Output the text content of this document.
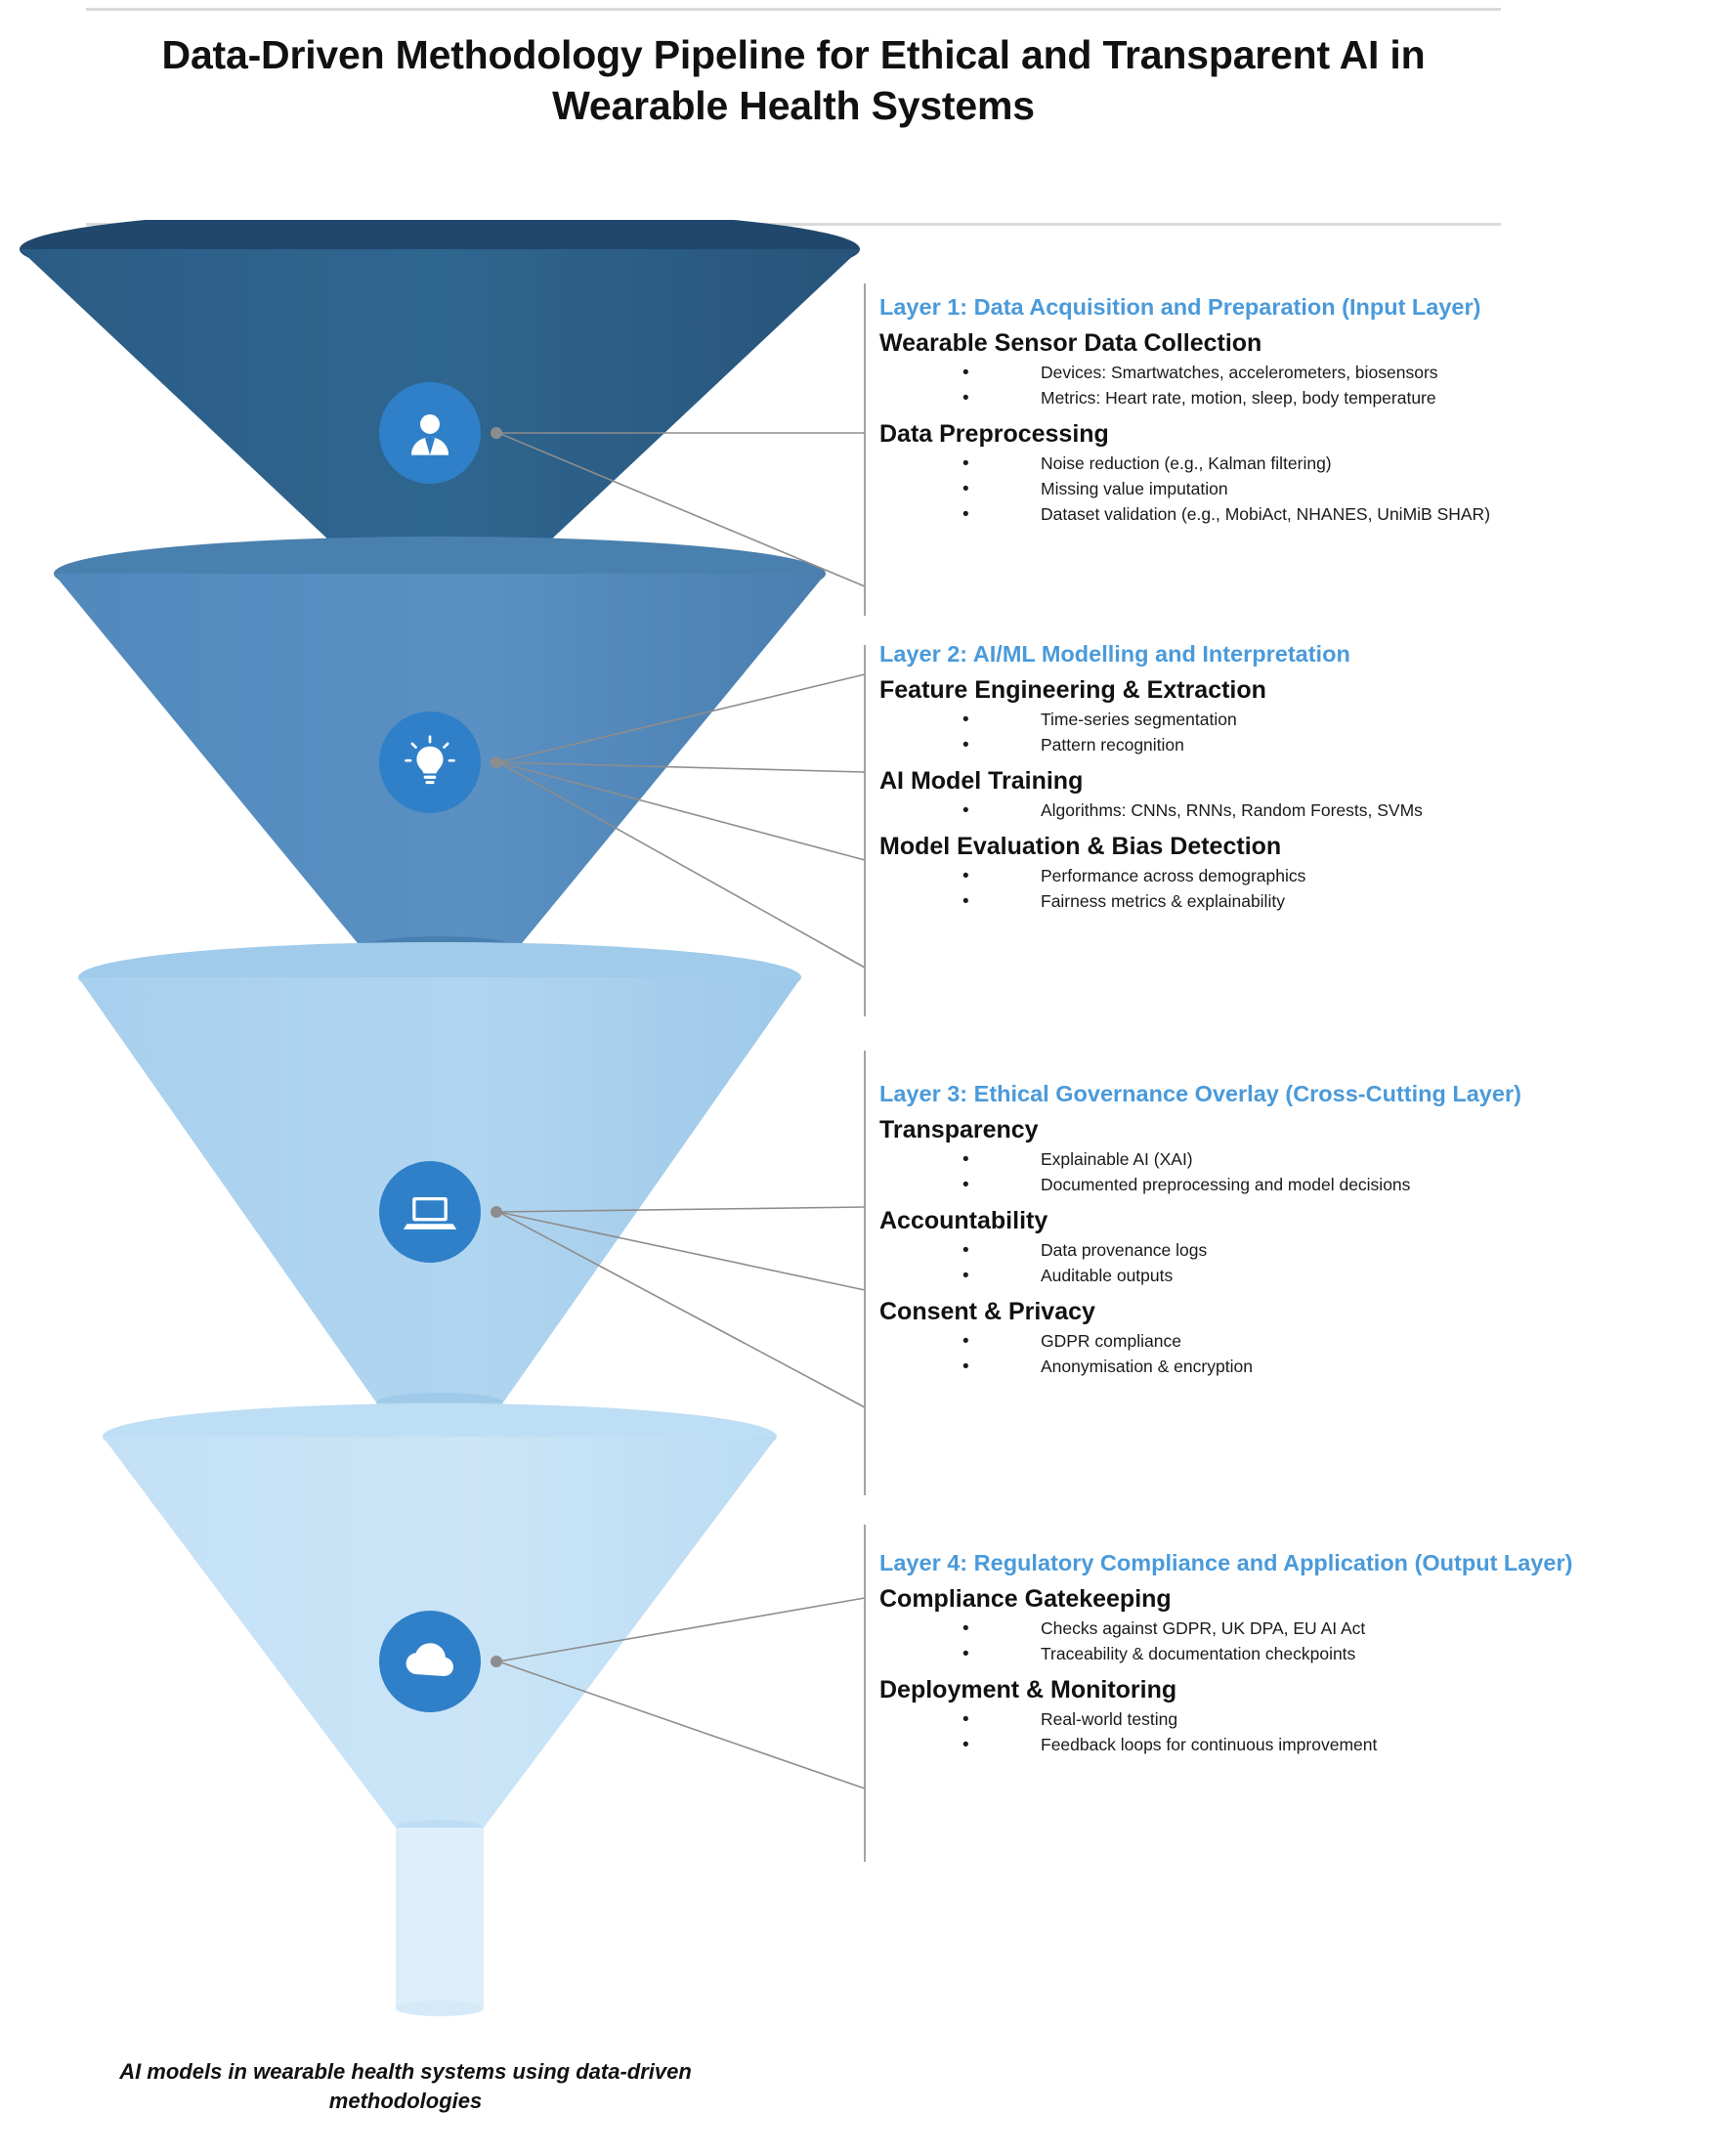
Data-Driven Methodology Pipeline for Ethical and Transparent AI in Wearable Health Systems
Layer 1: Data Acquisition and Preparation (Input Layer)
Wearable Sensor Data Collection
• Devices: Smartwatches, accelerometers, biosensors
• Metrics: Heart rate, motion, sleep, body temperature
Data Preprocessing
• Noise reduction (e.g., Kalman filtering)
• Missing value imputation
• Dataset validation (e.g., MobiAct, NHANES, UniMiB SHAR)
Layer 2: AI/ML Modelling and Interpretation
Feature Engineering & Extraction
• Time-series segmentation
• Pattern recognition
AI Model Training
• Algorithms: CNNs, RNNs, Random Forests, SVMs
Model Evaluation & Bias Detection
• Performance across demographics
• Fairness metrics & explainability
Layer 3: Ethical Governance Overlay (Cross-Cutting Layer)
Transparency
• Explainable AI (XAI)
• Documented preprocessing and model decisions
Accountability
• Data provenance logs
• Auditable outputs
Consent & Privacy
• GDPR compliance
• Anonymisation & encryption
Layer 4: Regulatory Compliance and Application (Output Layer)
Compliance Gatekeeping
• Checks against GDPR, UK DPA, EU AI Act
• Traceability & documentation checkpoints
Deployment & Monitoring
• Real-world testing
• Feedback loops for continuous improvement
AI models in wearable health systems using data-driven methodologies
